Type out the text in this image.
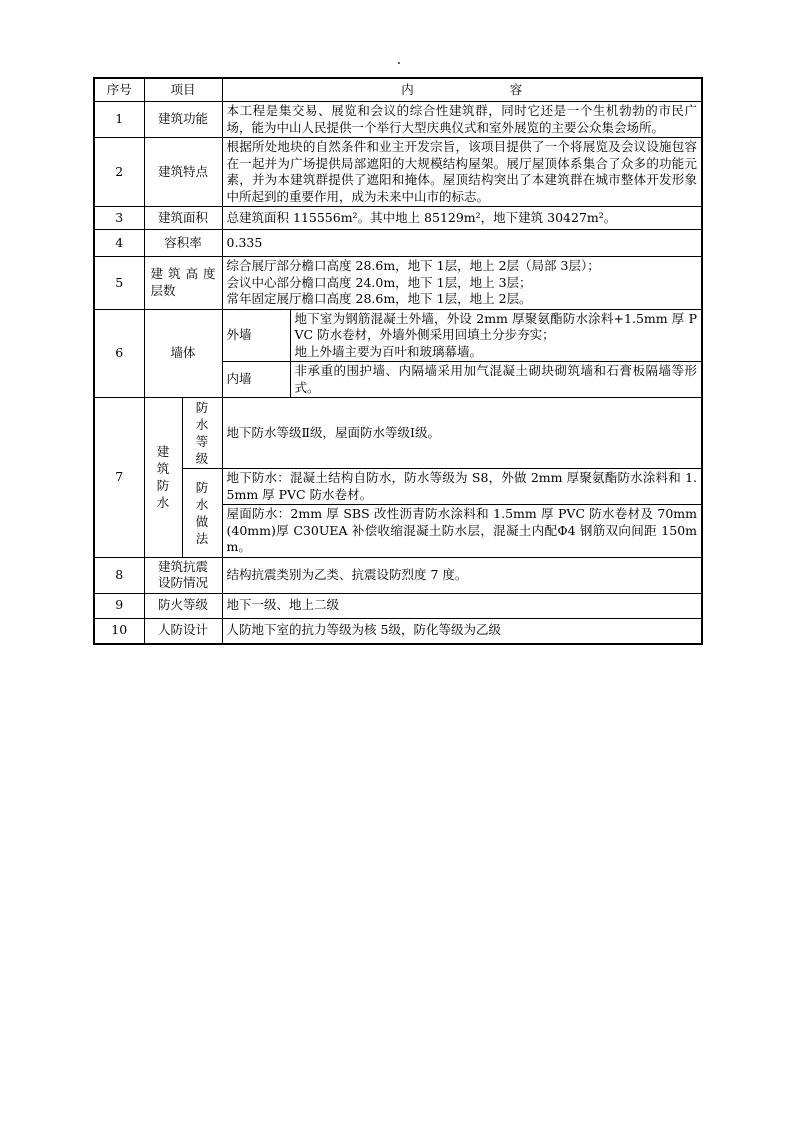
序号	项目		内 容	
1	建筑功能		本工程是集交易、展览和会议的综合性建筑群，同时它还是一个生机勃勃的市民广场，能为中山人民提供一个举行大型庆典仪式和室外展览的主要公众集会场所。	
2	建筑特点		根据所处地块的自然条件和业主开发宗旨，该项目提供了一个将展览及会议设施包容在一起并为广场提供局部遮阳的大规模结构屋架。展厅屋顶体系集合了众多的功能元素，并为本建筑群提供了遮阳和掩体。屋顶结构突出了本建筑群在城市整体开发形象中所起到的重要作用，成为未来中山市的标志。	
3	建筑面积		总建筑面积 115556m²。其中地上 85129m²，地下建筑 30427m²。	
4	容积率		0.335	
5	建 筑 高 度 层数		综合展厅部分檐口高度 28.6m，地下 1层，地上 2层（局部 3层）；
会议中心部分檐口高度 24.0m，地下 1层，地上 3层；
常年固定展厅檐口高度 28.6m，地下 1层，地上 2层。	

6	墙体		外墙	地下室为钢筋混凝土外墙，外设 2mm 厚聚氨酯防水涂料+1.5mm 厚 PVC 防水卷材，外墙外侧采用回填土分步夯实；
地上外墙主要为百叶和玻璃幕墙。

			内墙	非承重的围护墙、内隔墙采用加气混凝土砌块砌筑墙和石膏板隔墙等形式。
7	建
筑
防
水	防
水
等
级	地下防水等级Ⅱ级，屋面防水等级Ⅰ级。	

		防
水
做
法	地下防水：混凝土结构自防水，防水等级为 S8，外做 2mm 厚聚氨酯防水涂料和 1.5mm 厚 PVC 防水卷材。	
			屋面防水：2mm 厚 SBS 改性沥青防水涂料和 1.5mm 厚 PVC 防水卷材及 70mm(40mm)厚 C30UEA 补偿收缩混凝土防水层，混凝土内配Φ4 钢筋双向间距 150mm。	
8	建筑抗震设防情况		结构抗震类别为乙类、抗震设防烈度 7 度。	
9	防火等级		地下一级、地上二级	
10	人防设计		人防地下室的抗力等级为核 5级，防化等级为乙级	
